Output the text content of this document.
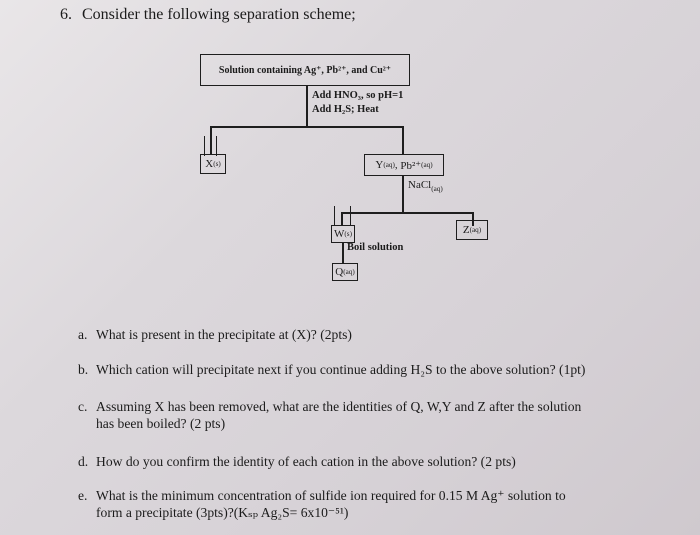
6. Consider the following separation scheme;
Solution containing Ag⁺, Pb²⁺, and Cu²⁺
Add HNO₃, so pH=1
Add H₂S; Heat
X (s)	Y (aq) , Pb²⁺ (aq)
NaCl$_{(aq)}$
W (s)	Z (aq)
Boil solution
Q (aq)
a. What is present in the precipitate at (X)? (2pts)
b. Which cation will precipitate next if you continue adding H₂S to the above solution? (1pt)
c. Assuming X has been removed, what are the identities of Q, W,Y and Z after the solution
has been boiled? (2 pts)
d. How do you confirm the identity of each cation in the above solution? (2 pts)
e. What is the minimum concentration of sulfide ion required for 0.15 M Ag⁺ solution to
form a precipitate (3pts)?(Kₛₚ Ag₂S= 6x10⁻⁵¹)
